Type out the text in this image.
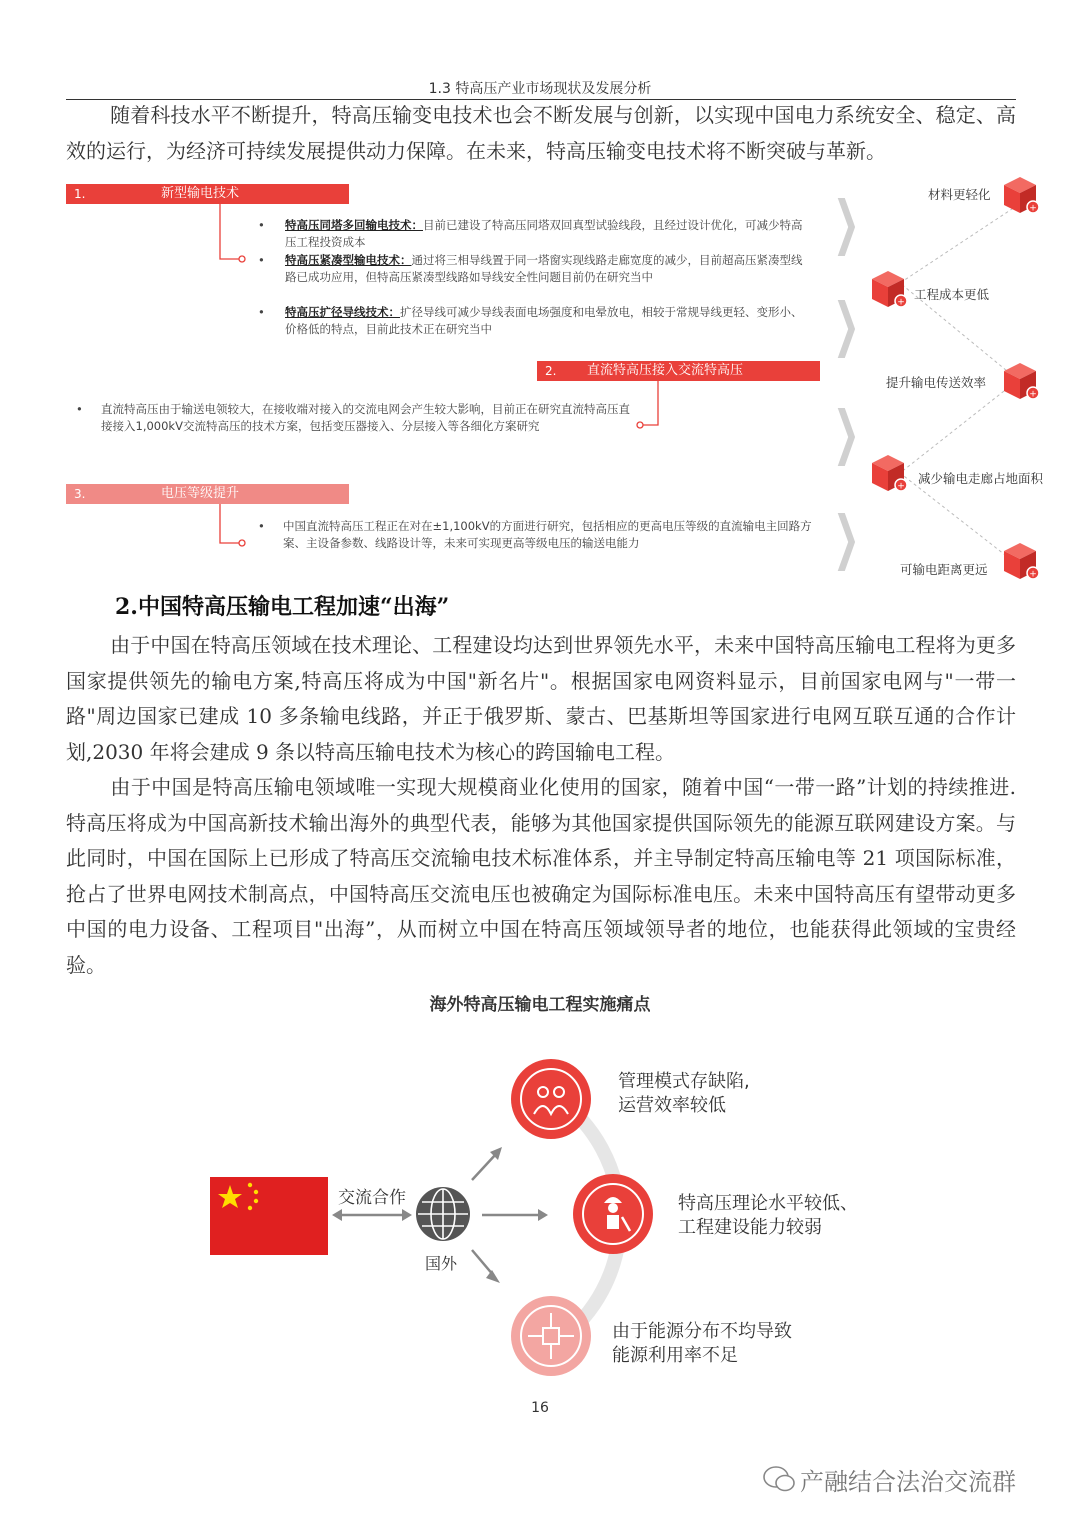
1.3 特高压产业市场现状及发展分析
随着科技水平不断提升，特高压输变电技术也会不断发展与创新，以实现中国电力系统安全、稳定、高效的运行，为经济可持续发展提供动力保障。在未来，特高压输变电技术将不断突破与革新。
1.	新型输电技术
•
•
•
特高压同塔多回输电技术：目前已建设了特高压同塔双回真型试验线段，且经过设计优化，可减少特高压工程投资成本
特高压紧凑型输电技术：通过将三相导线置于同一塔窗实现线路走廊宽度的减少，目前超高压紧凑型线路已成功应用，但特高压紧凑型线路如导线安全性问题目前仍在研究当中
特高压扩径导线技术：扩径导线可减少导线表面电场强度和电晕放电，相较于常规导线更轻、变形小、价格低的特点，目前此技术正在研究当中
2. 直流特高压接入交流特高压
• 直流特高压由于输送电领较大，在接收端对接入的交流电网会产生较大影响，目前正在研究直流特高压直接接入1,000kV交流特高压的技术方案，包括变压器接入、分层接入等各细化方案研究
3.	电压等级提升
• 中国直流特高压工程正在对在±1,100kV的方面进行研究，包括相应的更高电压等级的直流输电主回路方案、主设备参数、线路设计等，未来可实现更高等级电压的输送电能力
❯
❯
❯
❯
材料更轻化
+
+
工程成本更低
提升输电传送效率
+
+
减少输电走廊占地面积
可输电距离更远	+
2.中国特高压输电工程加速“出海”
由于中国在特高压领域在技术理论、工程建设均达到世界领先水平，未来中国特高压输电工程将为更多国家提供领先的输电方案,特高压将成为中国"新名片"。根据国家电网资料显示，目前国家电网与"一带一路"周边国家已建成 10 多条输电线路，并正于俄罗斯、蒙古、巴基斯坦等国家进行电网互联互通的合作计划,2030 年将会建成 9 条以特高压输电技术为核心的跨国输电工程。
由于中国是特高压输电领域唯一实现大规模商业化使用的国家，随着中国“一带一路”计划的持续推进. 特高压将成为中国高新技术输出海外的典型代表，能够为其他国家提供国际领先的能源互联网建设方案。与此同时，中国在国际上已形成了特高压交流输电技术标准体系，并主导制定特高压输电等 21 项国际标准，抢占了世界电网技术制高点，中国特高压交流电压也被确定为国际标准电压。未来中国特高压有望带动更多中国的电力设备、工程项目"出海”，从而树立中国在特高压领域领导者的地位，也能获得此领域的宝贵经验。
海外特高压输电工程实施痛点
交流合作
国外
管理模式存缺陷,
运营效率较低
特高压理论水平较低、
工程建设能力较弱
由于能源分布不均导致
能源利用率不足
16
产融结合法治交流群
